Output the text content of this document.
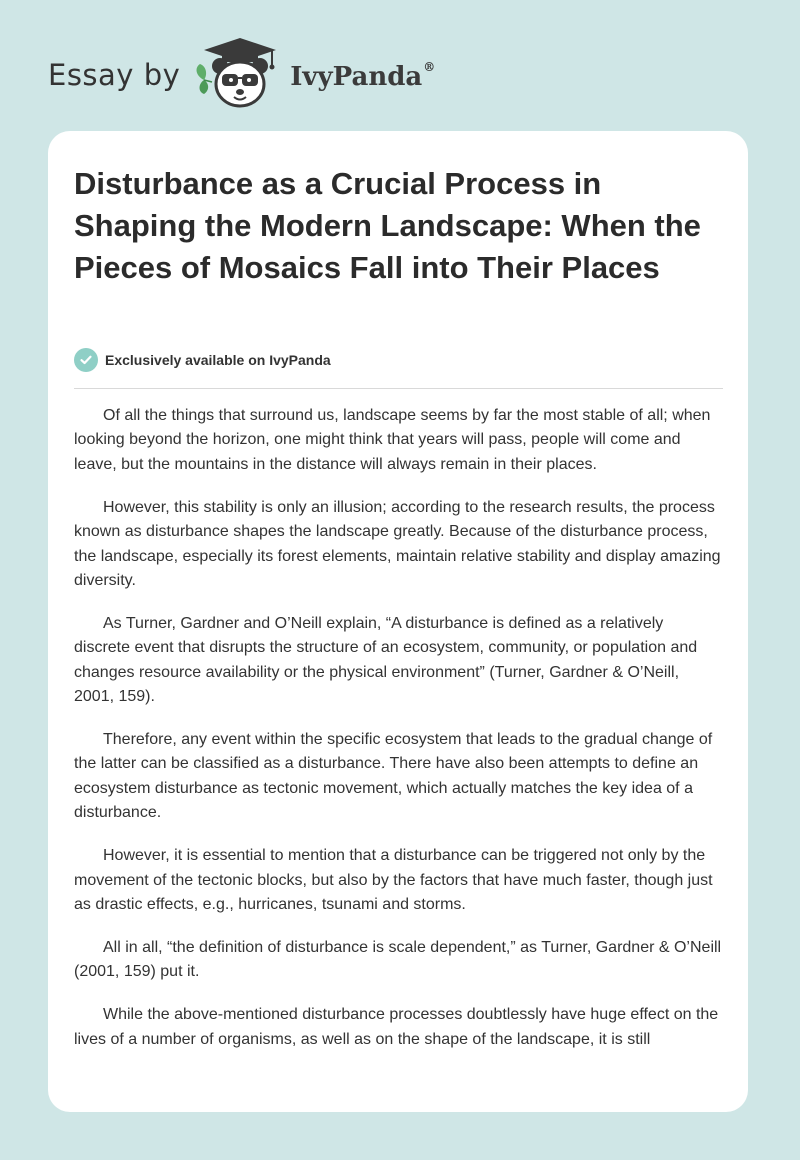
Essay by	IvyPanda®
Disturbance as a Crucial Process in Shaping the Modern Landscape: When the Pieces of Mosaics Fall into Their Places
Exclusively available on IvyPanda

Of all the things that surround us, landscape seems by far the most stable of all; when looking beyond the horizon, one might think that years will pass, people will come and leave, but the mountains in the distance will always remain in their places.

However, this stability is only an illusion; according to the research results, the process known as disturbance shapes the landscape greatly. Because of the disturbance process, the landscape, especially its forest elements, maintain relative stability and display amazing diversity.

As Turner, Gardner and O’Neill explain, “A disturbance is defined as a relatively discrete event that disrupts the structure of an ecosystem, community, or population and changes resource availability or the physical environment” (Turner, Gardner & O’Neill, 2001, 159).

Therefore, any event within the specific ecosystem that leads to the gradual change of the latter can be classified as a disturbance. There have also been attempts to define an ecosystem disturbance as tectonic movement, which actually matches the key idea of a disturbance.

However, it is essential to mention that a disturbance can be triggered not only by the movement of the tectonic blocks, but also by the factors that have much faster, though just as drastic effects, e.g., hurricanes, tsunami and storms.

All in all, “the definition of disturbance is scale dependent,” as Turner, Gardner & O’Neill (2001, 159) put it.

While the above-mentioned disturbance processes doubtlessly have huge effect on the lives of a number of organisms, as well as on the shape of the landscape, it is still
